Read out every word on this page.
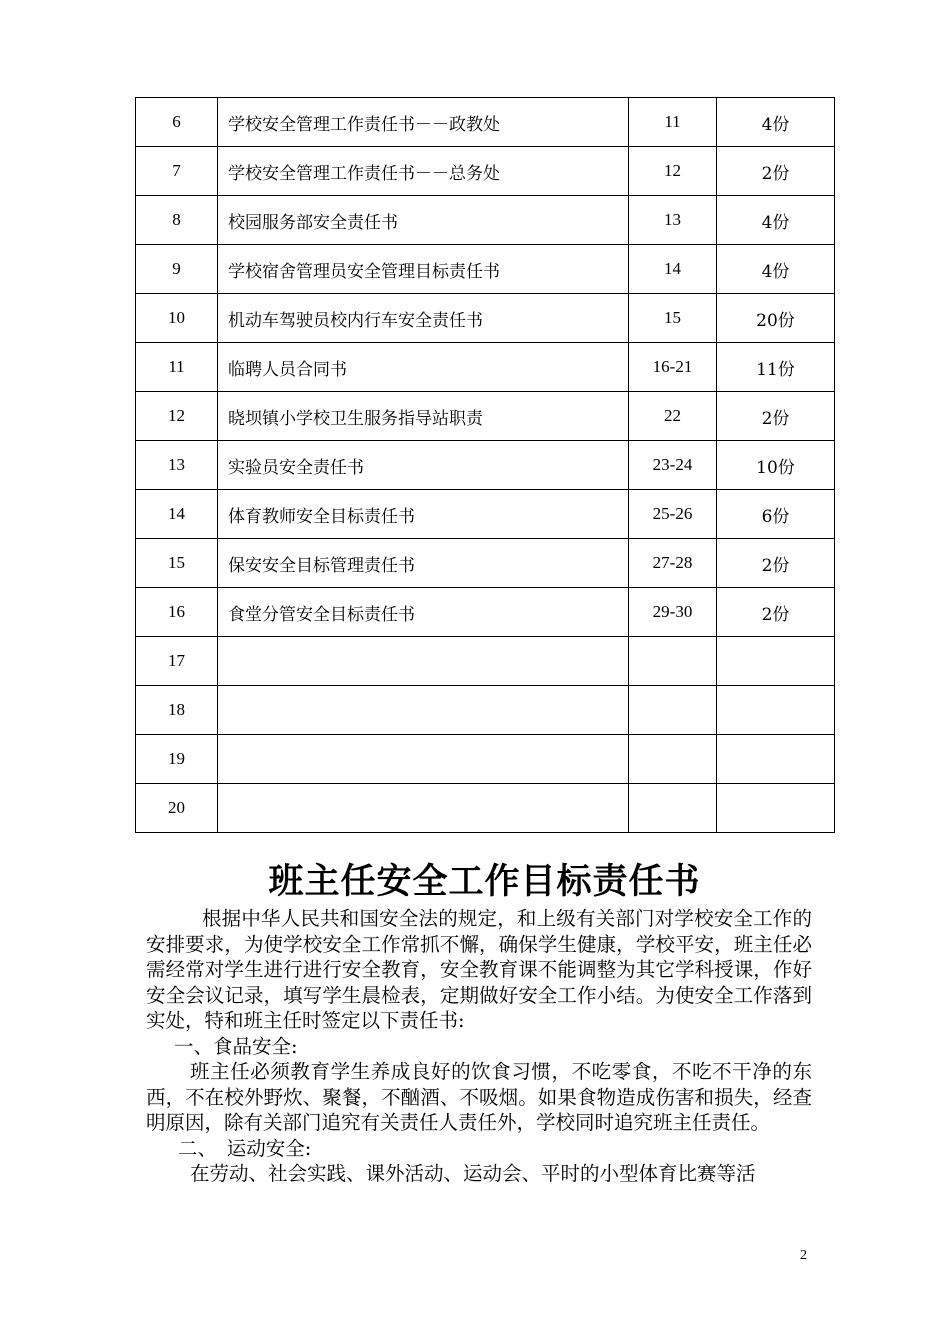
6	学校安全管理工作责任书－－政教处	11	4份
7	学校安全管理工作责任书－－总务处	12	2份
8	校园服务部安全责任书	13	4份
9	学校宿舍管理员安全管理目标责任书	14	4份
10	机动车驾驶员校内行车安全责任书	15	20份
11	临聘人员合同书	16-21	11份
12	晓坝镇小学校卫生服务指导站职责	22	2份
13	实验员安全责任书	23-24	10份
14	体育教师安全目标责任书	25-26	6份
15	保安安全目标管理责任书	27-28	2份
16	食堂分管安全目标责任书	29-30	2份
17			
18			
19			
20			
班主任安全工作目标责任书

根据中华人民共和国安全法的规定，和上级有关部门对学校安全工作的安排要求，为使学校安全工作常抓不懈，确保学生健康，学校平安，班主任必需经常对学生进行进行安全教育，安全教育课不能调整为其它学科授课，作好安全会议记录，填写学生晨检表，定期做好安全工作小结。为使安全工作落到实处，特和班主任时签定以下责任书:

一、食品安全:

班主任必须教育学生养成良好的饮食习惯，不吃零食，不吃不干净的东西，不在校外野炊、聚餐，不酗酒、不吸烟。如果食物造成伤害和损失，经查明原因，除有关部门追究有关责任人责任外，学校同时追究班主任责任。

二、　运动安全:

在劳动、社会实践、课外活动、运动会、平时的小型体育比赛等活

2
